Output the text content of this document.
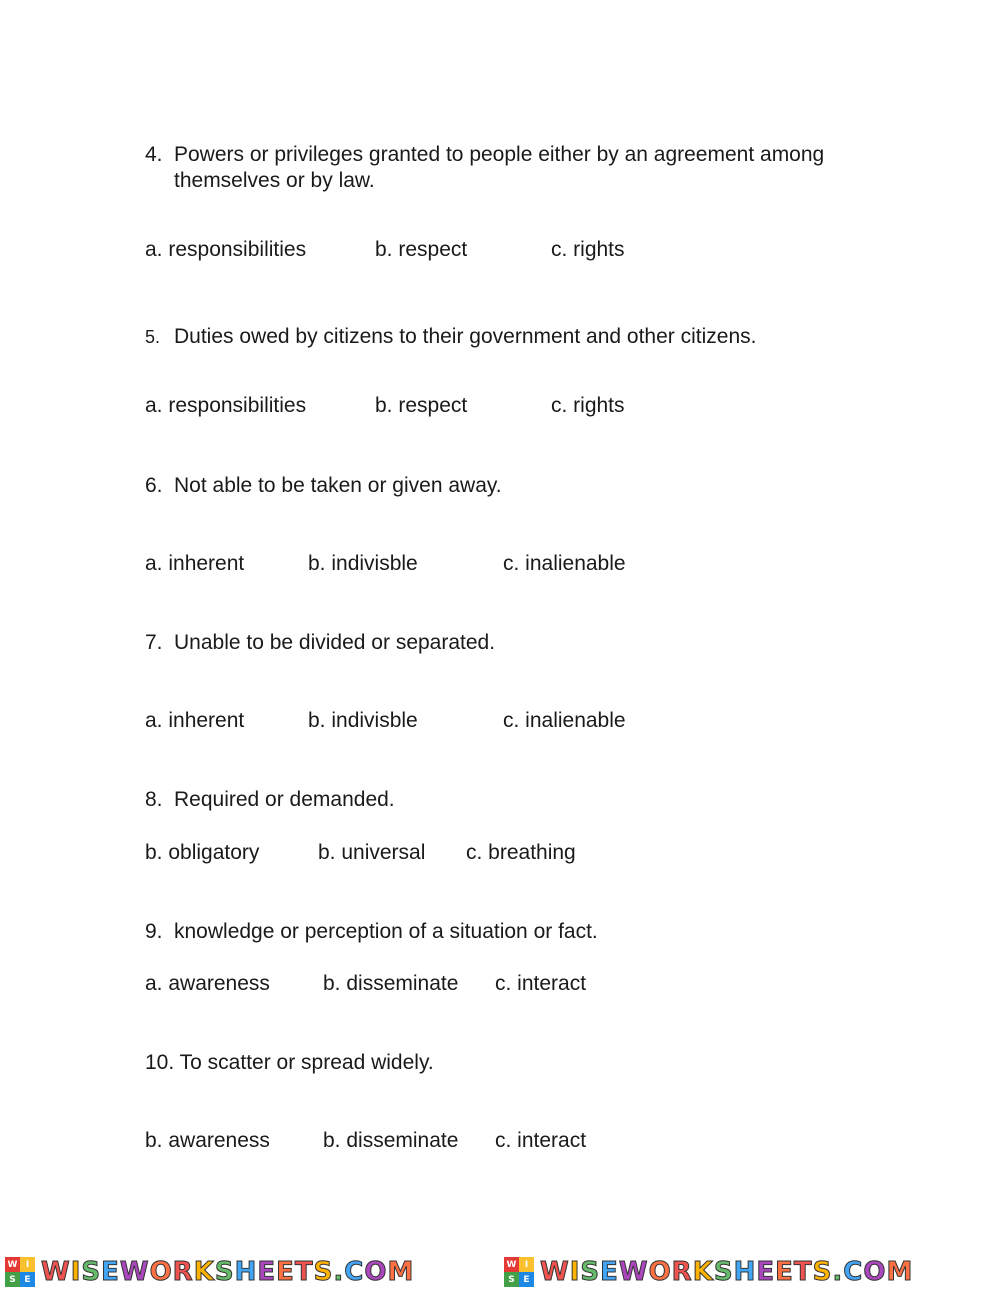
4. Powers or privileges granted to people either by an agreement among
themselves or by law.
a. responsibilities	b. respect	c. rights
5. Duties owed by citizens to their government and other citizens.
a. responsibilities	b. respect	c. rights
6. Not able to be taken or given away.
a. inherent	b. indivisble	c. inalienable
7. Unable to be divided or separated.
a. inherent	b. indivisble	c. inalienable
8. Required or demanded.
b. obligatory	b. universal c. breathing
9. knowledge or perception of a situation or fact.
a. awareness	b. disseminate c. interact
10. To scatter or spread widely.
b. awareness	b. disseminate c. interact
W I
S E WISEWORKSHEETS.COM	W I
S E WISEWORKSHEETS.COM
